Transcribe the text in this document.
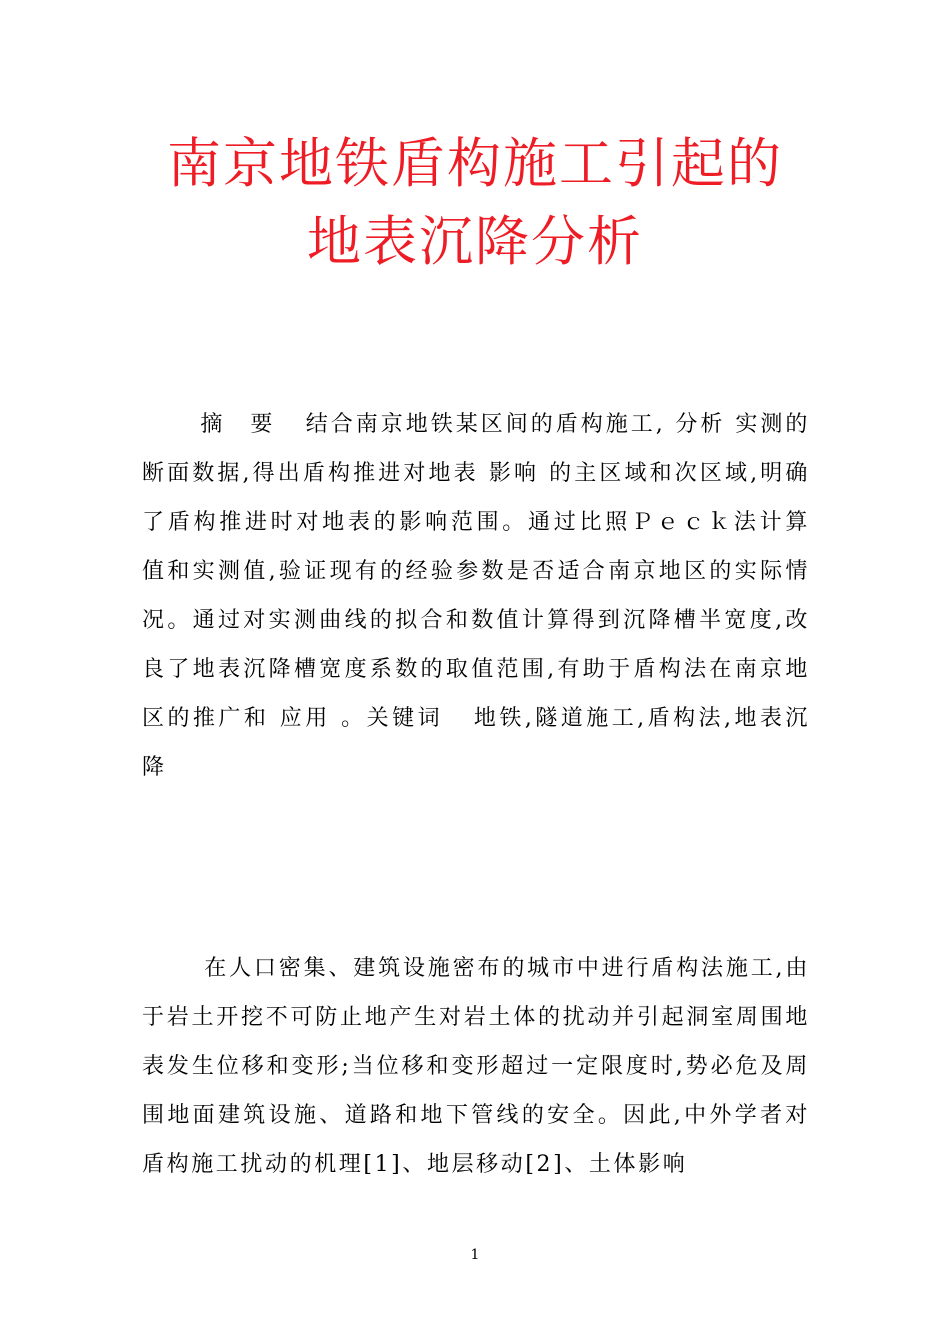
南京地铁盾构施工引起的
地表沉降分析

摘　要 结合南京地铁某区间的盾构施工, 分析 实测的断面数据,得出盾构推进对地表 影响 的主区域和次区域,明确了盾构推进时对地表的影响范围。通过比照Ｐｅｃｋ法计算 值和实测值,验证现有的经验参数是否适合南京地区的实际情况。通过对实测曲线的拟合和数值计算得到沉降槽半宽度,改良了地表沉降槽宽度系数的取值范围,有助于盾构法在南京地区的推广和 应用 。关键词 地铁,隧道施工,盾构法,地表沉降

在人口密集、建筑设施密布的城市中进行盾构法施工,由于岩土开挖不可防止地产生对岩土体的扰动并引起洞室周围地表发生位移和变形;当位移和变形超过一定限度时,势必危及周围地面建筑设施、道路和地下管线的安全。因此,中外学者对盾构施工扰动的机理[1]、地层移动[2]、土体影响

1
